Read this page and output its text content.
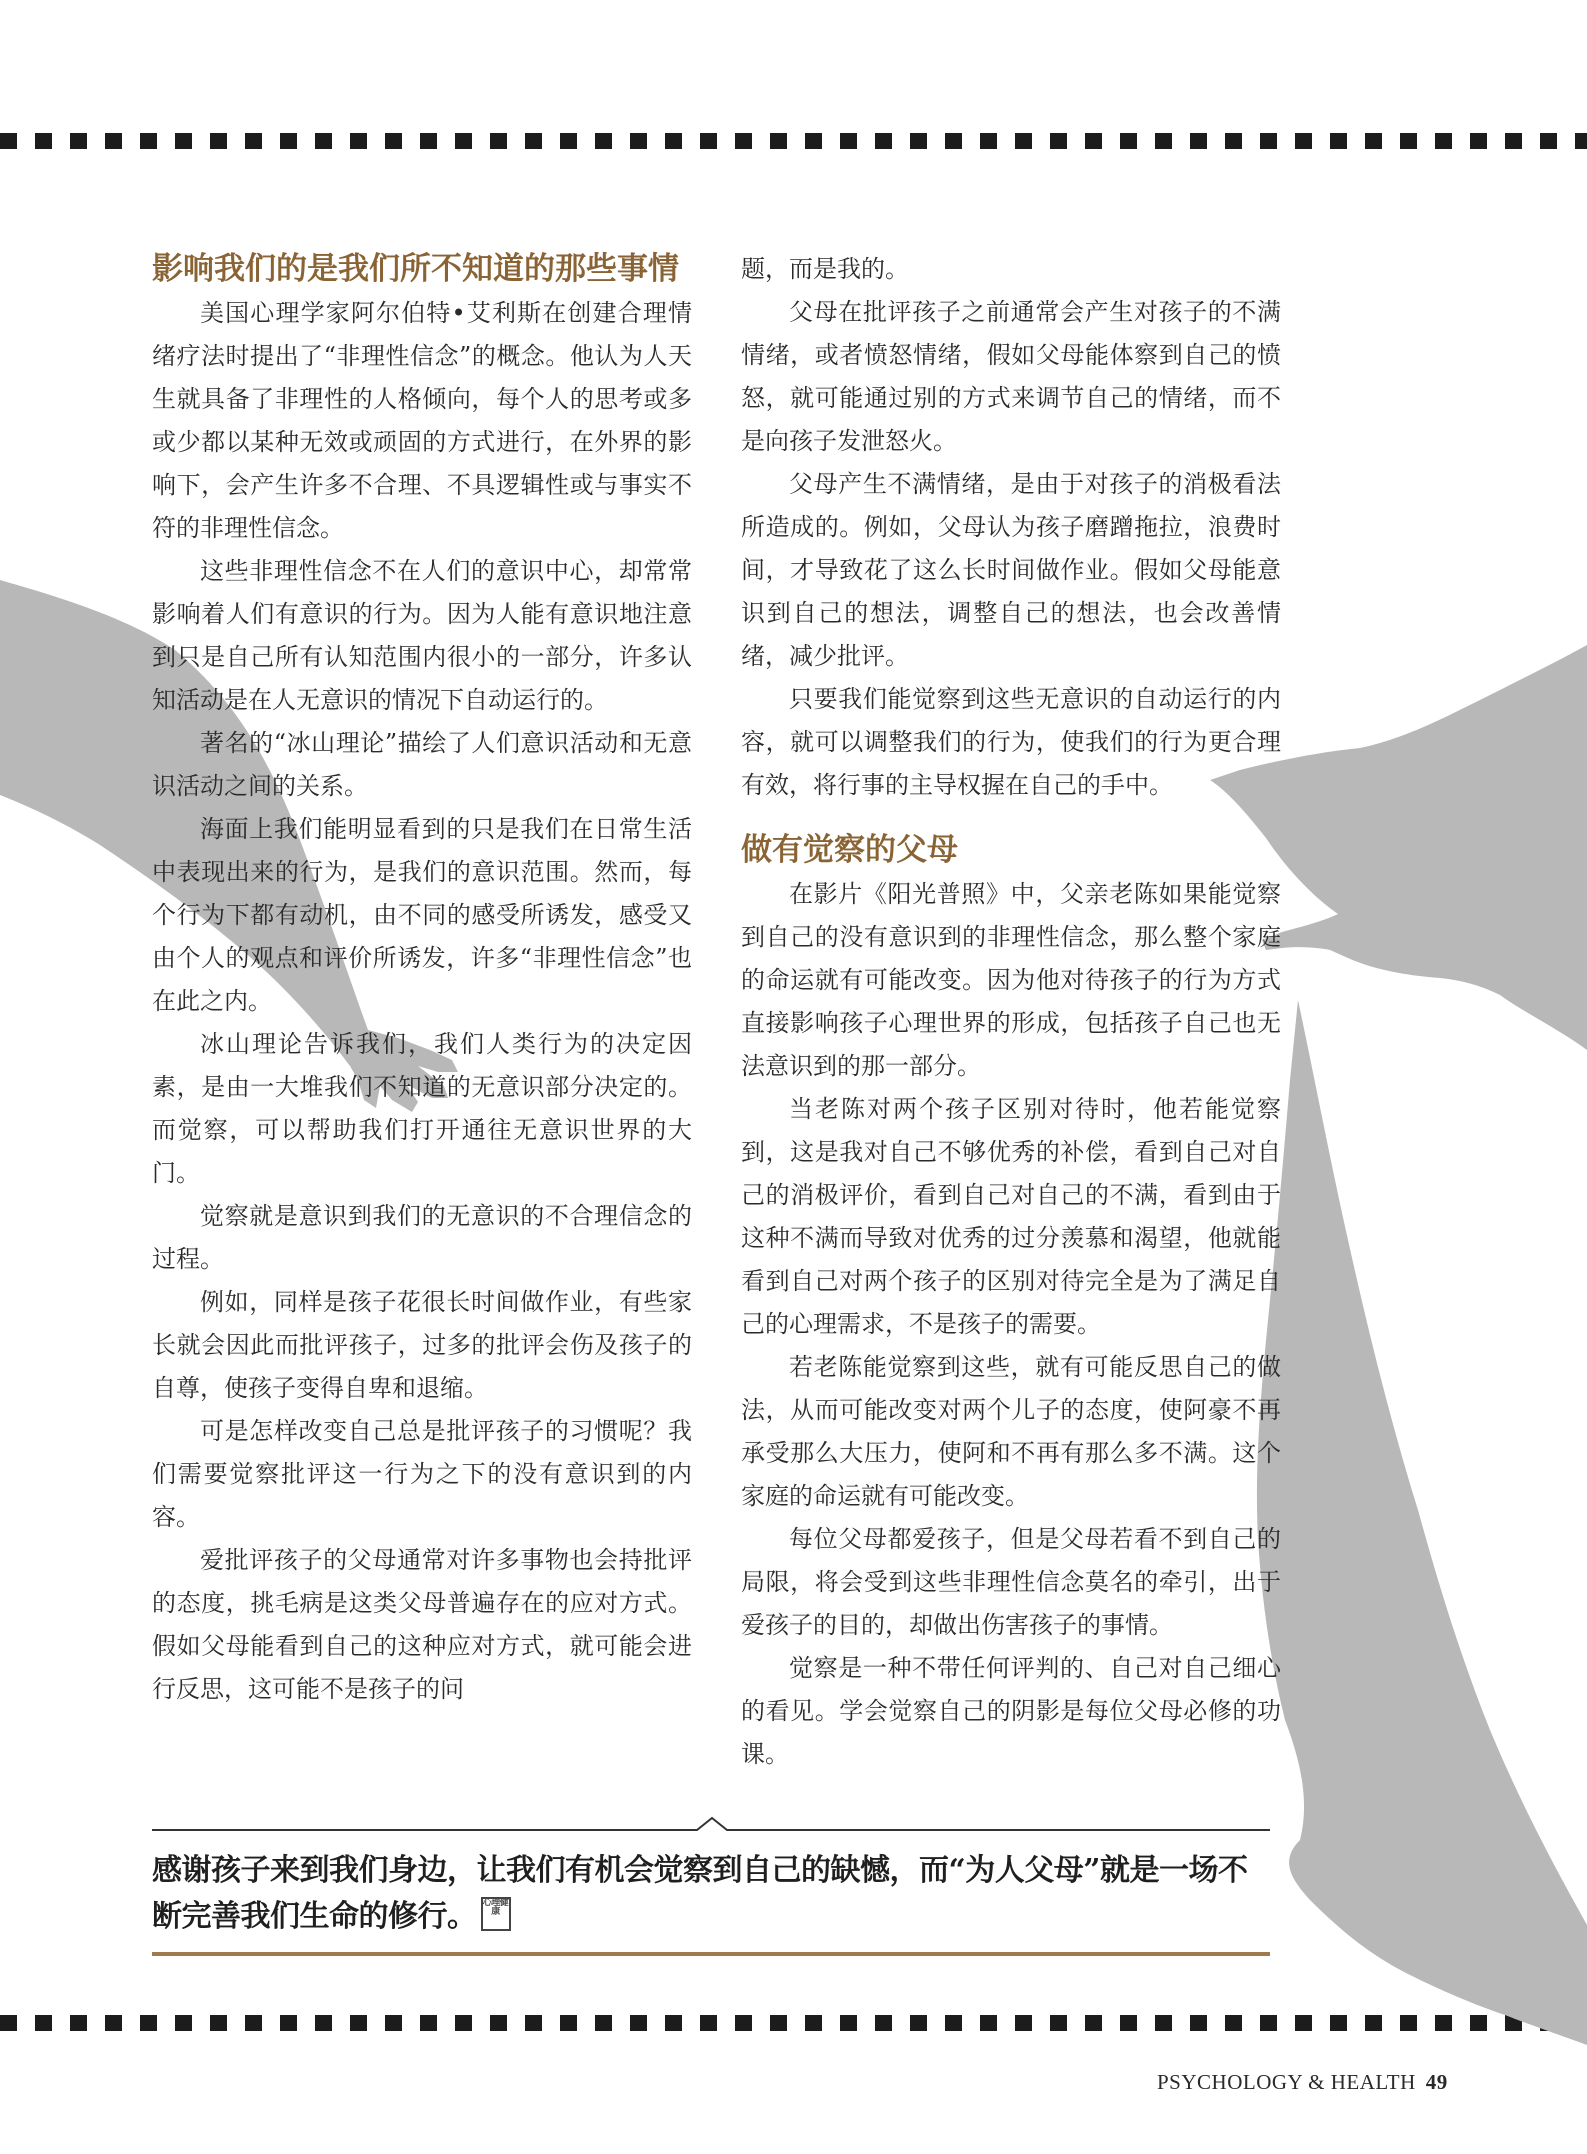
影响我们的是我们所不知道的那些事情

美国心理学家阿尔伯特•艾利斯在创建合理情绪疗法时提出了“非理性信念”的概念。他认为人天生就具备了非理性的人格倾向，每个人的思考或多或少都以某种无效或顽固的方式进行，在外界的影响下，会产生许多不合理、不具逻辑性或与事实不符的非理性信念。

这些非理性信念不在人们的意识中心，却常常影响着人们有意识的行为。因为人能有意识地注意到只是自己所有认知范围内很小的一部分，许多认知活动是在人无意识的情况下自动运行的。

著名的“冰山理论”描绘了人们意识活动和无意识活动之间的关系。

海面上我们能明显看到的只是我们在日常生活中表现出来的行为，是我们的意识范围。然而，每个行为下都有动机，由不同的感受所诱发，感受又由个人的观点和评价所诱发，许多“非理性信念”也在此之内。

冰山理论告诉我们，我们人类行为的决定因素，是由一大堆我们不知道的无意识部分决定的。而觉察，可以帮助我们打开通往无意识世界的大门。

觉察就是意识到我们的无意识的不合理信念的过程。

例如，同样是孩子花很长时间做作业，有些家长就会因此而批评孩子，过多的批评会伤及孩子的自尊，使孩子变得自卑和退缩。

可是怎样改变自己总是批评孩子的习惯呢？我们需要觉察批评这一行为之下的没有意识到的内容。

爱批评孩子的父母通常对许多事物也会持批评的态度，挑毛病是这类父母普遍存在的应对方式。假如父母能看到自己的这种应对方式，就可能会进行反思，这可能不是孩子的问

题，而是我的。

父母在批评孩子之前通常会产生对孩子的不满情绪，或者愤怒情绪，假如父母能体察到自己的愤怒，就可能通过别的方式来调节自己的情绪，而不是向孩子发泄怒火。

父母产生不满情绪，是由于对孩子的消极看法所造成的。例如，父母认为孩子磨蹭拖拉，浪费时间，才导致花了这么长时间做作业。假如父母能意识到自己的想法，调整自己的想法，也会改善情绪，减少批评。

只要我们能觉察到这些无意识的自动运行的内容，就可以调整我们的行为，使我们的行为更合理有效，将行事的主导权握在自己的手中。

做有觉察的父母

在影片《阳光普照》中，父亲老陈如果能觉察到自己的没有意识到的非理性信念，那么整个家庭的命运就有可能改变。因为他对待孩子的行为方式直接影响孩子心理世界的形成，包括孩子自己也无法意识到的那一部分。

当老陈对两个孩子区别对待时，他若能觉察到，这是我对自己不够优秀的补偿，看到自己对自己的消极评价，看到自己对自己的不满，看到由于这种不满而导致对优秀的过分羡慕和渴望，他就能看到自己对两个孩子的区别对待完全是为了满足自己的心理需求，不是孩子的需要。

若老陈能觉察到这些，就有可能反思自己的做法，从而可能改变对两个儿子的态度，使阿豪不再承受那么大压力，使阿和不再有那么多不满。这个家庭的命运就有可能改变。

每位父母都爱孩子，但是父母若看不到自己的局限，将会受到这些非理性信念莫名的牵引，出于爱孩子的目的，却做出伤害孩子的事情。

觉察是一种不带任何评判的、自己对自己细心的看见。学会觉察自己的阴影是每位父母必修的功课。

感谢孩子来到我们身边，让我们有机会觉察到自己的缺憾，而“为人父母”就是一场不断完善我们生命的修行。 心理健康
PSYCHOLOGY & HEALTH 49
